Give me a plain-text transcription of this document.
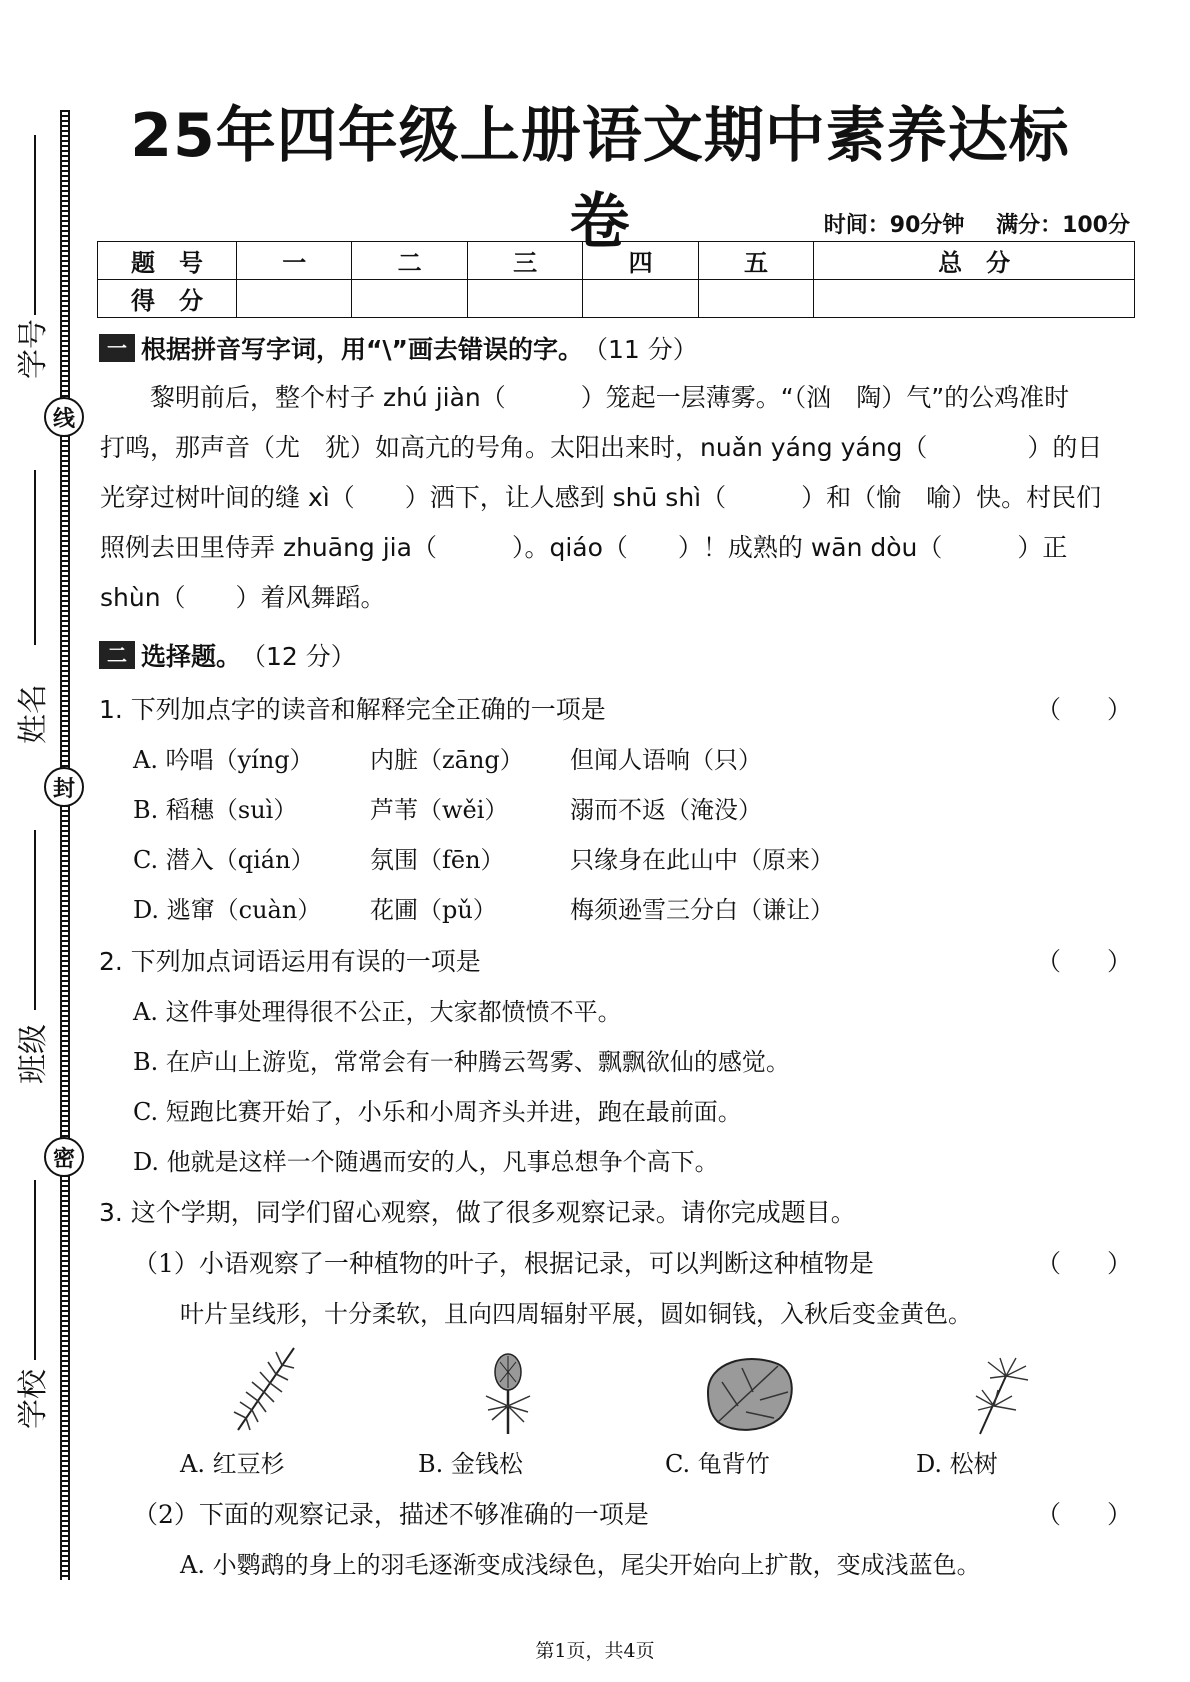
线
封
密
学号
姓名
班级
学校
25年四年级上册语文期中素养达标卷	时间：90分钟 满分：100分
题　号	一	二	三	四	五	总　分
得　分						
一 根据拼音写字词，用“\”画去错误的字。 （11 分）

黎明前后，整个村子 zhú jiàn（　　　）笼起一层薄雾。“（汹　陶）气”的公鸡准时

打鸣，那声音（尤　犹）如高亢的号角。太阳出来时，nuǎn yáng yáng（　　　　）的日

光穿过树叶间的缝 xì（　　）洒下，让人感到 shū shì（　　　）和（愉　喻）快。村民们

照例去田里侍弄 zhuāng jia（　　　）。qiáo（　　）！成熟的 wān dòu（　　　）正

shùn（　　）着风舞蹈。

二 选择题。 （12 分）
1. 下列加点字的读音和解释完全正确的一项是	（ ）
A. 吟唱（yíng） 内脏（zāng） 但闻人语响（只）
B. 稻穗（suì）	芦苇（wěi）	溺而不返（淹没）
C. 潜入（qián） 氛围（fēn）	只缘身在此山中（原来）
D. 逃窜（cuàn） 花圃（pǔ）	梅须逊雪三分白（谦让）
2. 下列加点词语运用有误的一项是	（ ）
A. 这件事处理得很不公正，大家都愤愤不平。
B. 在庐山上游览，常常会有一种腾云驾雾、飘飘欲仙的感觉。
C. 短跑比赛开始了，小乐和小周齐头并进，跑在最前面。
D. 他就是这样一个随遇而安的人，凡事总想争个高下。
3. 这个学期，同学们留心观察，做了很多观察记录。请你完成题目。
（1）小语观察了一种植物的叶子，根据记录，可以判断这种植物是	（ ）
叶片呈线形，十分柔软，且向四周辐射平展，圆如铜钱，入秋后变金黄色。
A. 红豆杉	B. 金钱松	C. 龟背竹	D. 松树
（2）下面的观察记录，描述不够准确的一项是	（ ）
A. 小鹦鹉的身上的羽毛逐渐变成浅绿色，尾尖开始向上扩散，变成浅蓝色。
第1页，共4页
